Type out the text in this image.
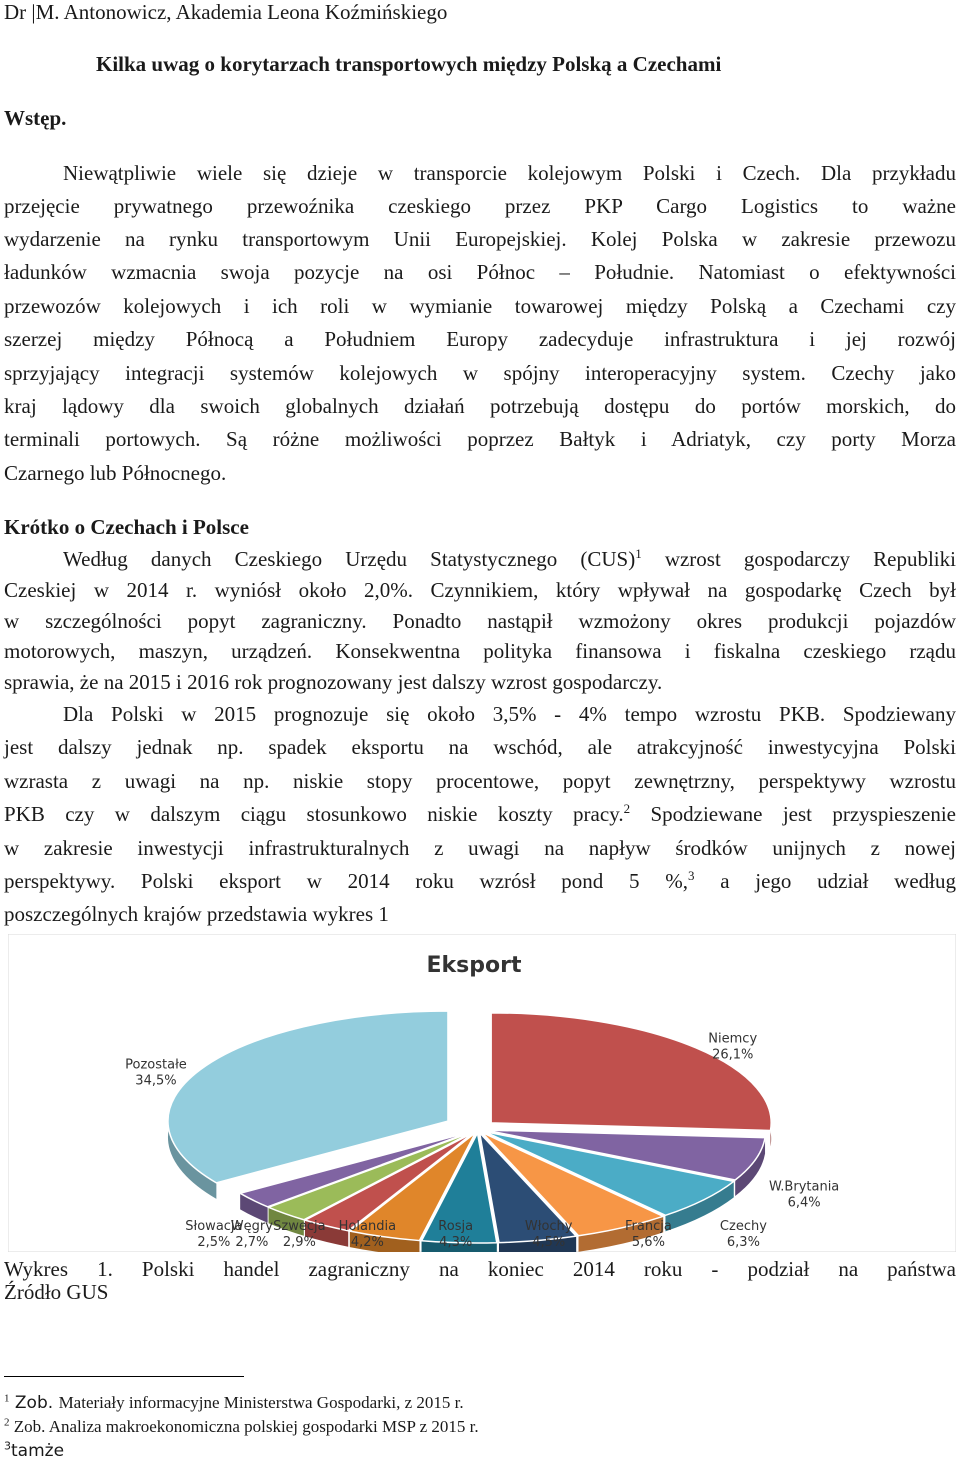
Dr |M. Antonowicz, Akademia Leona Koźmińskiego
Kilka uwag o korytarzach transportowych między Polską a Czechami
Wstęp.
Niewątpliwie wiele się dzieje w transporcie kolejowym Polski i Czech. Dla przykładu
przejęcie prywatnego przewoźnika czeskiego przez PKP Cargo Logistics to ważne
wydarzenie na rynku transportowym Unii Europejskiej. Kolej Polska w zakresie przewozu
ładunków wzmacnia swoja pozycje na osi Północ – Południe. Natomiast o efektywności
przewozów kolejowych i ich roli w wymianie towarowej między Polską a Czechami czy
szerzej między Północą a Południem Europy zadecyduje infrastruktura i jej rozwój
sprzyjający integracji systemów kolejowych w spójny interoperacyjny system. Czechy jako
kraj lądowy dla swoich globalnych działań potrzebują dostępu do portów morskich, do
terminali portowych. Są różne możliwości poprzez Bałtyk i Adriatyk, czy porty Morza
Czarnego lub Północnego.
Krótko o Czechach i Polsce
Według danych Czeskiego Urzędu Statystycznego (CUS)$^1$ wzrost gospodarczy Republiki
Czeskiej w 2014 r. wyniósł około 2,0%. Czynnikiem, który wpływał na gospodarkę Czech był
w szczególności popyt zagraniczny. Ponadto nastąpił wzmożony okres produkcji pojazdów
motorowych, maszyn, urządzeń. Konsekwentna polityka finansowa i fiskalna czeskiego rządu
sprawia, że na 2015 i 2016 rok prognozowany jest dalszy wzrost gospodarczy.
Dla Polski w 2015 prognozuje się około 3,5% - 4% tempo wzrostu PKB. Spodziewany
jest dalszy jednak np. spadek eksportu na wschód, ale atrakcyjność inwestycyjna Polski
wzrasta z uwagi na np. niskie stopy procentowe, popyt zewnętrzny, perspektywy wzrostu
PKB czy w dalszym ciągu stosunkowo niskie koszty pracy.$^2$ Spodziewane jest przyspieszenie
w zakresie inwestycji infrastrukturalnych z uwagi na napływ środków unijnych z nowej
perspektywy. Polski eksport w 2014 roku wzrósł pond 5 %,$^3$ a jego udział według
poszczególnych krajów przedstawia wykres 1
Eksport
Niemcy
26,1%
W.Brytania
6,4%
Czechy
6,3%
Francja
5,6%
Włochy
4,5%
Rosja
4,3%
Holandia
4,2%
Szwecja
2,9%
Węgry
2,7%
Słowacja
2,5%
Pozostałe
34,5%
Wykres 1. Polski handel zagraniczny na koniec 2014 roku - podział na państwa
Źródło GUS
$^1$ Zob. Materiały informacyjne Ministerstwa Gospodarki, z 2015 r.
$^2$ Zob. Analiza makroekonomiczna polskiej gospodarki MSP z 2015 r.
$^3$tamże
